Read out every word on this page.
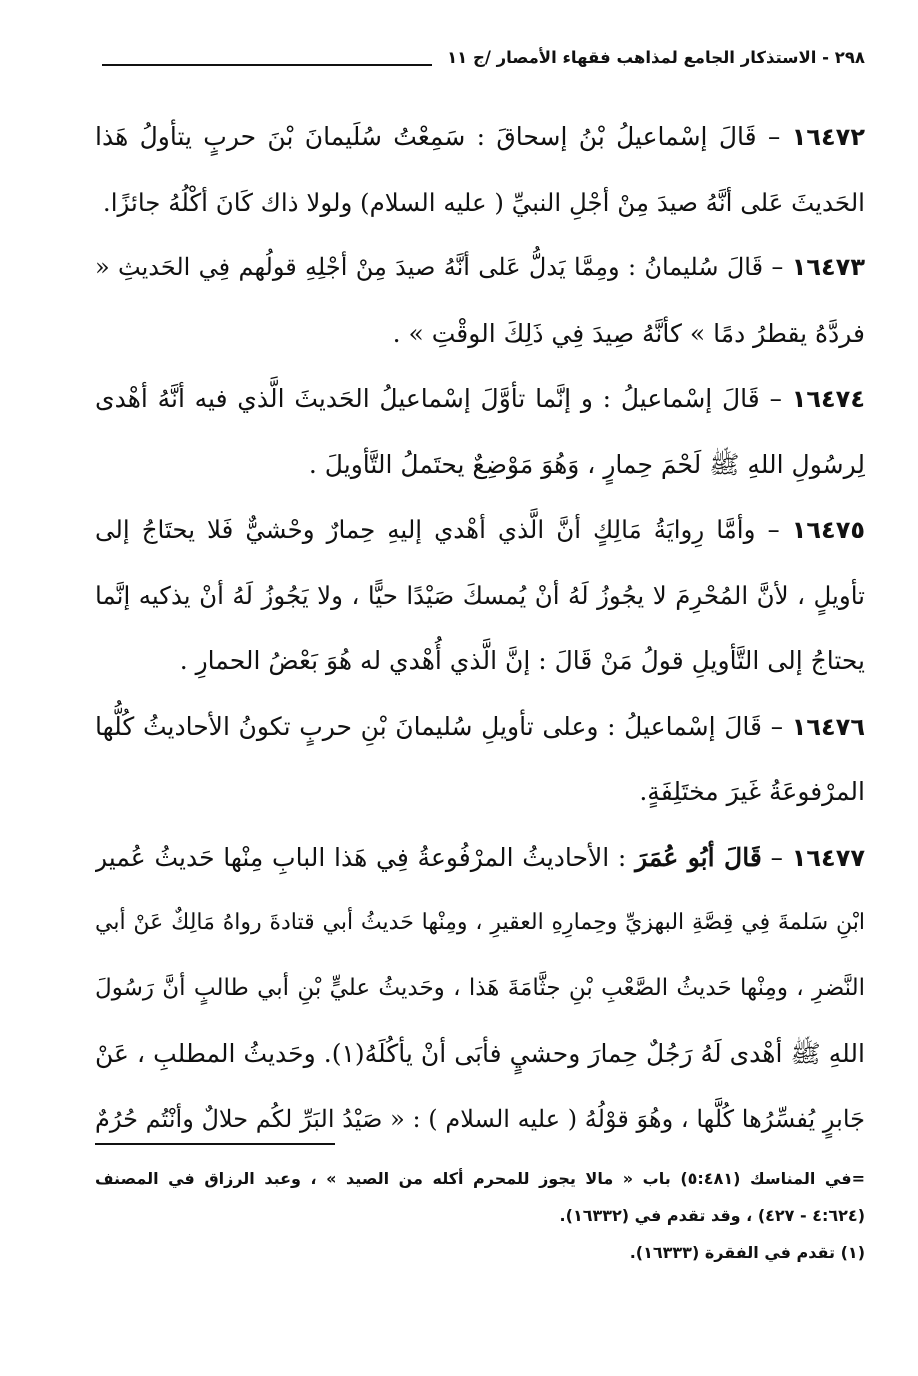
٢٩٨ - الاستذكار الجامع لمذاهب فقهاء الأمصار /ج ١١
١٦٤٧٢ – قَالَ إسْماعيلُ بْنُ إسحاقَ : سَمِعْتُ سُلَيمانَ بْنَ حربٍ يتأولُ هَذا
الحَديثَ عَلى أنَّهُ صيدَ مِنْ أجْلِ النبيِّ ( عليه السلام) ولولا ذاك كَانَ أكْلُهُ جائزًا.
١٦٤٧٣ – قَالَ سُليمانُ : ومِمَّا يَدلُّ عَلى أنَّهُ صيدَ مِنْ أجْلِهِ قولُهم فِي الحَديثِ «
فردَّهُ يقطرُ دمًا » كأنَّهُ صِيدَ فِي ذَلِكَ الوقْتِ » .
١٦٤٧٤ – قَالَ إسْماعيلُ : و إنَّما تأوَّلَ إسْماعيلُ الحَديثَ الَّذي فيه أنَّهُ أهْدى
لِرسُولِ اللهِ ﷺ لَحْمَ حِمارٍ ، وَهُوَ مَوْضِعٌ يحتَملُ التَّأويلَ .
١٦٤٧٥ – وأمَّا رِوايَةُ مَالِكٍ أنَّ الَّذي أهْدي إليهِ حِمارٌ وحْشيٌّ فَلا يحتَاجُ إلى
تأويلٍ ، لأنَّ المُحْرِمَ لا يجُوزُ لَهُ أنْ يُمسكَ صَيْدًا حيًّا ، ولا يَجُوزُ لَهُ أنْ يذكيه إنَّما
يحتاجُ إلى التَّأويلِ قولُ مَنْ قَالَ : إنَّ الَّذي أُهْدي له هُوَ بَعْضُ الحمارِ .
١٦٤٧٦ – قَالَ إسْماعيلُ : وعلى تأويلِ سُليمانَ بْنِ حربٍ تكونُ الأحاديثُ كُلُّها
المرْفوعَةُ غَيرَ مختَلِفَةٍ.
١٦٤٧٧ – قَالَ أبُو عُمَرَ : الأحاديثُ المرْفُوعةُ فِي هَذا البابِ مِنْها حَديثُ عُمير
ابْنِ سَلمةَ فِي قِصَّةِ البهزيِّ وحِمارِهِ العقيرِ ، ومِنْها حَديثُ أبي قتادةَ رواهُ مَالِكٌ عَنْ أبي
النَّضرِ ، ومِنْها حَديثُ الصَّعْبِ بْنِ جثَّامَةَ هَذا ، وحَديثُ عليٍّ بْنِ أبي طالبٍ أنَّ رَسُولَ
اللهِ ﷺ أهْدى لَهُ رَجُلٌ حِمارَ وحشيٍ فأبَى أنْ يأكُلَهُ(١). وحَديثُ المطلبِ ، عَنْ
جَابرٍ يُفسِّرُها كُلَّها ، وهُوَ قوْلُهُ ( عليه السلام ) : « صَيْدُ البَرِّ لكُم حلالٌ وأنْتُم حُرُمٌ
=في المناسك (٥:٤٨١) باب « مالا يجوز للمحرم أكله من الصيد » ، وعبد الرزاق في المصنف
(٤:٦٢٤ - ٤٢٧) ، وقد تقدم في (١٦٣٣٢).
(١) تقدم في الفقرة (١٦٣٣٣).
